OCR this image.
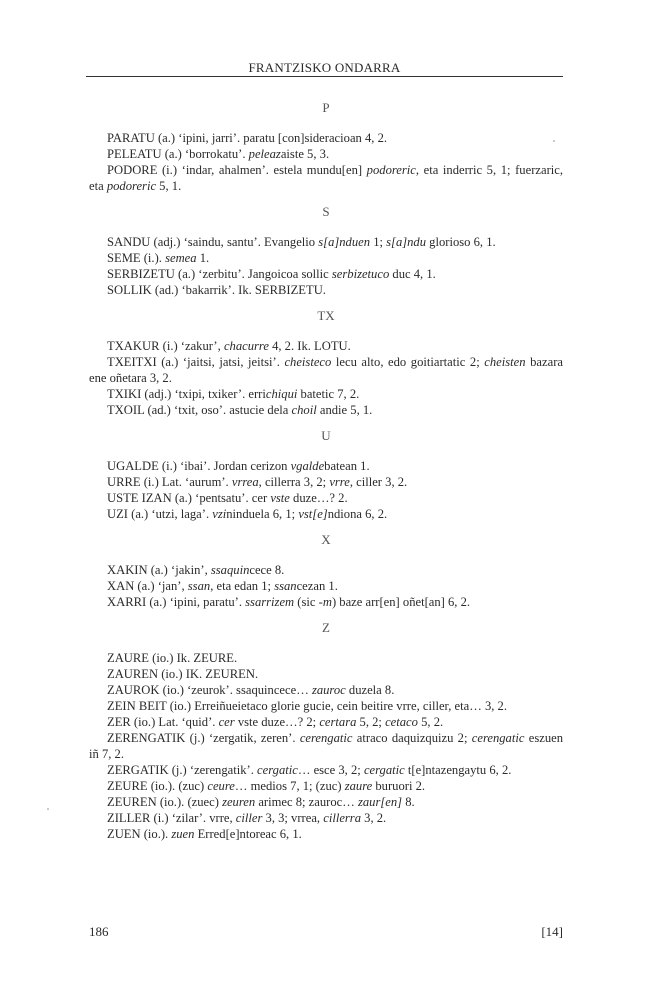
FRANTZISKO ONDARRA
P

PARATU (a.) ‘ipini, jarri’. paratu [con]sideracioan 4, 2.

PELEATU (a.) ‘borrokatu’. peleazaiste 5, 3.

PODORE (i.) ‘indar, ahalmen’. estela mundu[en] podoreric, eta inderric 5, 1; fuerzaric, eta podoreric 5, 1.

S

SANDU (adj.) ‘saindu, santu’. Evangelio s[a]nduen 1; s[a]ndu glorioso 6, 1.

SEME (i.). semea 1.

SERBIZETU (a.) ‘zerbitu’. Jangoicoa sollic serbizetuco duc 4, 1.

SOLLIK (ad.) ‘bakarrik’. Ik. SERBIZETU.

TX

TXAKUR (i.) ‘zakur’, chacurre 4, 2. Ik. LOTU.

TXEITXI (a.) ‘jaitsi, jatsi, jeitsi’. cheisteco lecu alto, edo goitiartatic 2; cheisten bazara ene oñetara 3, 2.

TXIKI (adj.) ‘txipi, txiker’. errichiqui batetic 7, 2.

TXOIL (ad.) ‘txit, oso’. astucie dela choil andie 5, 1.

U

UGALDE (i.) ‘ibai’. Jordan cerizon vgaldebatean 1.

URRE (i.) Lat. ‘aurum’. vrrea, cillerra 3, 2; vrre, ciller 3, 2.

USTE IZAN (a.) ‘pentsatu’. cer vste duze…? 2.

UZI (a.) ‘utzi, laga’. vzininduela 6, 1; vst[e]ndiona 6, 2.

X

XAKIN (a.) ‘jakin’, ssaquincece 8.

XAN (a.) ‘jan’, ssan, eta edan 1; ssancezan 1.

XARRI (a.) ‘ipini, paratu’. ssarrizem (sic -m) baze arr[en] oñet[an] 6, 2.

Z

ZAURE (io.) Ik. ZEURE.

ZAUREN (io.) IK. ZEUREN.

ZAUROK (io.) ‘zeurok’. ssaquincece… zauroc duzela 8.

ZEIN BEIT (io.) Erreiñueietaco glorie gucie, cein beitire vrre, ciller, eta… 3, 2.

ZER (io.) Lat. ‘quid’. cer vste duze…? 2; certara 5, 2; cetaco 5, 2.

ZERENGATIK (j.) ‘zergatik, zeren’. cerengatic atraco daquizquizu 2; cerengatic eszuen iñ 7, 2.

ZERGATIK (j.) ‘zerengatik’. cergatic… esce 3, 2; cergatic t[e]ntazengaytu 6, 2.

ZEURE (io.). (zuc) ceure… medios 7, 1; (zuc) zaure buruori 2.

ZEUREN (io.). (zuec) zeuren arimec 8; zauroc… zaur[en] 8.

ZILLER (i.) ‘zilar’. vrre, ciller 3, 3; vrrea, cillerra 3, 2.

ZUEN (io.). zuen Erred[e]ntoreac 6, 1.

186	[14]
